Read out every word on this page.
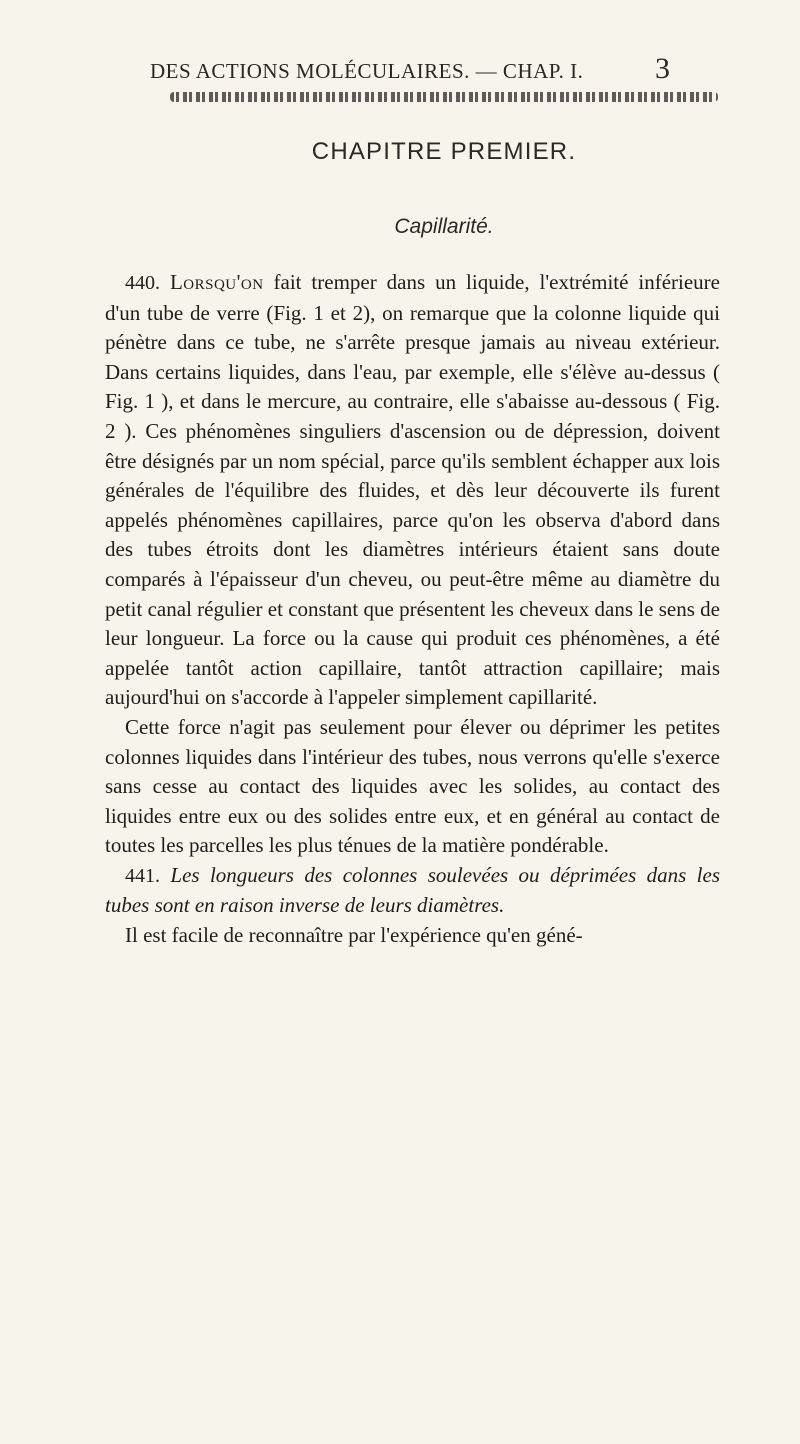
DES ACTIONS MOLÉCULAIRES. — CHAP. I. 3
CHAPITRE PREMIER.
Capillarité.

440. Lorsqu'on fait tremper dans un liquide, l'extrémité inférieure d'un tube de verre (Fig. 1 et 2), on remarque que la colonne liquide qui pénètre dans ce tube, ne s'arrête presque jamais au niveau extérieur. Dans certains liquides, dans l'eau, par exemple, elle s'élève au-dessus ( Fig. 1 ), et dans le mercure, au contraire, elle s'abaisse au-dessous ( Fig. 2 ). Ces phénomènes singuliers d'ascension ou de dépression, doivent être désignés par un nom spécial, parce qu'ils semblent échapper aux lois générales de l'équilibre des fluides, et dès leur découverte ils furent appelés phénomènes capillaires, parce qu'on les observa d'abord dans des tubes étroits dont les diamètres intérieurs étaient sans doute comparés à l'épaisseur d'un cheveu, ou peut-être même au diamètre du petit canal régulier et constant que présentent les cheveux dans le sens de leur longueur. La force ou la cause qui produit ces phénomènes, a été appelée tantôt action capillaire, tantôt attraction capillaire; mais aujourd'hui on s'accorde à l'appeler simplement capillarité.

Cette force n'agit pas seulement pour élever ou déprimer les petites colonnes liquides dans l'intérieur des tubes, nous verrons qu'elle s'exerce sans cesse au contact des liquides avec les solides, au contact des liquides entre eux ou des solides entre eux, et en général au contact de toutes les parcelles les plus ténues de la matière pondérable.

441. Les longueurs des colonnes soulevées ou déprimées dans les tubes sont en raison inverse de leurs diamètres.

Il est facile de reconnaître par l'expérience qu'en géné-
